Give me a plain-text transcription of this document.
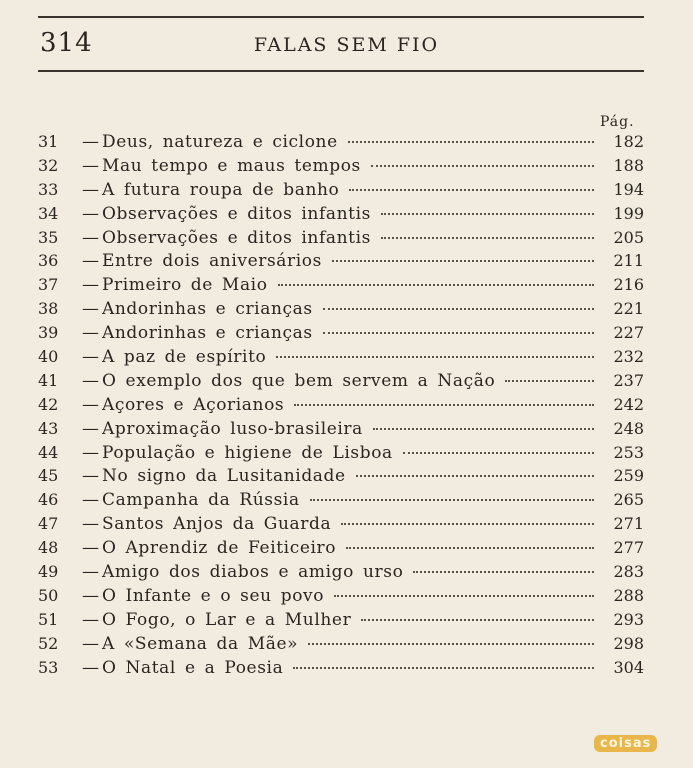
314	FALAS SEM FIO
Pág.
31	— Deus, natureza e ciclone	182
32	— Mau tempo e maus tempos	188
33	— A futura roupa de banho	194
34	— Observações e ditos infantis	199
35	— Observações e ditos infantis	205
36	— Entre dois aniversários	211
37	— Primeiro de Maio	216
38	— Andorinhas e crianças	221
39	— Andorinhas e crianças	227
40	— A paz de espírito	232
41	— O exemplo dos que bem servem a Nação	237
42	— Açores e Açorianos	242
43	— Aproximação luso-brasileira	248
44	— População e higiene de Lisboa	253
45	— No signo da Lusitanidade	259
46	— Campanha da Rússia	265
47	— Santos Anjos da Guarda	271
48	— O Aprendiz de Feiticeiro	277
49	— Amigo dos diabos e amigo urso	283
50	— O Infante e o seu povo	288
51	— O Fogo, o Lar e a Mulher	293
52	— A «Semana da Mãe»	298
53	— O Natal e a Poesia	304
coisas
